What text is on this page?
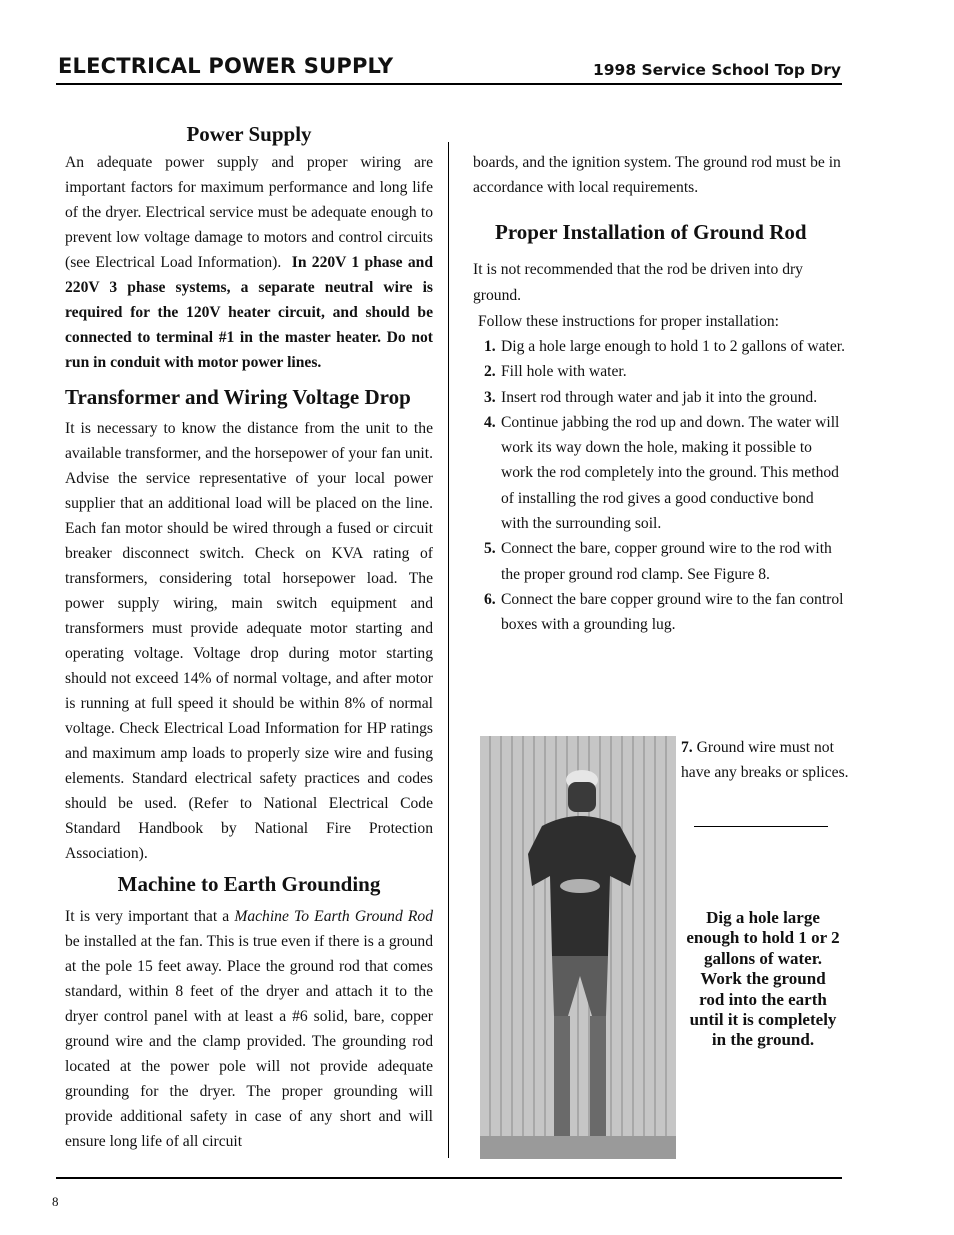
ELECTRICAL POWER SUPPLY	1998 Service School Top Dry
Power Supply

An adequate power supply and proper wiring are important factors for maximum performance and long life of the dryer. Electrical service must be adequate enough to prevent low voltage damage to motors and control circuits (see Electrical Load Information). In 220V 1 phase and 220V 3 phase systems, a separate neutral wire is required for the 120V heater circuit, and should be connected to terminal #1 in the master heater. Do not run in conduit with motor power lines.

Transformer and Wiring Voltage Drop

It is necessary to know the distance from the unit to the available transformer, and the horsepower of your fan unit. Advise the service representative of your local power supplier that an additional load will be placed on the line. Each fan motor should be wired through a fused or circuit breaker disconnect switch. Check on KVA rating of transformers, considering total horsepower load. The power supply wiring, main switch equipment and transformers must provide adequate motor starting and operating voltage. Voltage drop during motor starting should not exceed 14% of normal voltage, and after motor is running at full speed it should be within 8% of normal voltage. Check Electrical Load Information for HP ratings and maximum amp loads to properly size wire and fusing elements. Standard electrical safety practices and codes should be used. (Refer to National Electrical Code Standard Handbook by National Fire Protection Association).

Machine to Earth Grounding

It is very important that a Machine To Earth Ground Rod be installed at the fan. This is true even if there is a ground at the pole 15 feet away. Place the ground rod that comes standard, within 8 feet of the dryer and attach it to the dryer control panel with at least a #6 solid, bare, copper ground wire and the clamp provided. The grounding rod located at the power pole will not provide adequate grounding for the dryer. The proper grounding will provide additional safety in case of any short and will ensure long life of all circuit

boards, and the ignition system. The ground rod must be in accordance with local requirements.

Proper Installation of Ground Rod

It is not recommended that the rod be driven into dry ground.

Follow these instructions for proper installation:

1. Dig a hole large enough to hold 1 to 2 gallons of water.
2. Fill hole with water.
3. Insert rod through water and jab it into the ground.
4. Continue jabbing the rod up and down. The water will work its way down the hole, making it possible to work the rod completely into the ground. This method of installing the rod gives a good conductive bond with the surrounding soil.
5. Connect the bare, copper ground wire to the rod with the proper ground rod clamp. See Figure 8.
6. Connect the bare copper ground wire to the fan control boxes with a grounding lug.
7. Ground wire must not have any breaks or splices.
Dig a hole large enough to hold 1 or 2 gallons of water. Work the ground rod into the earth until it is completely in the ground.
8
